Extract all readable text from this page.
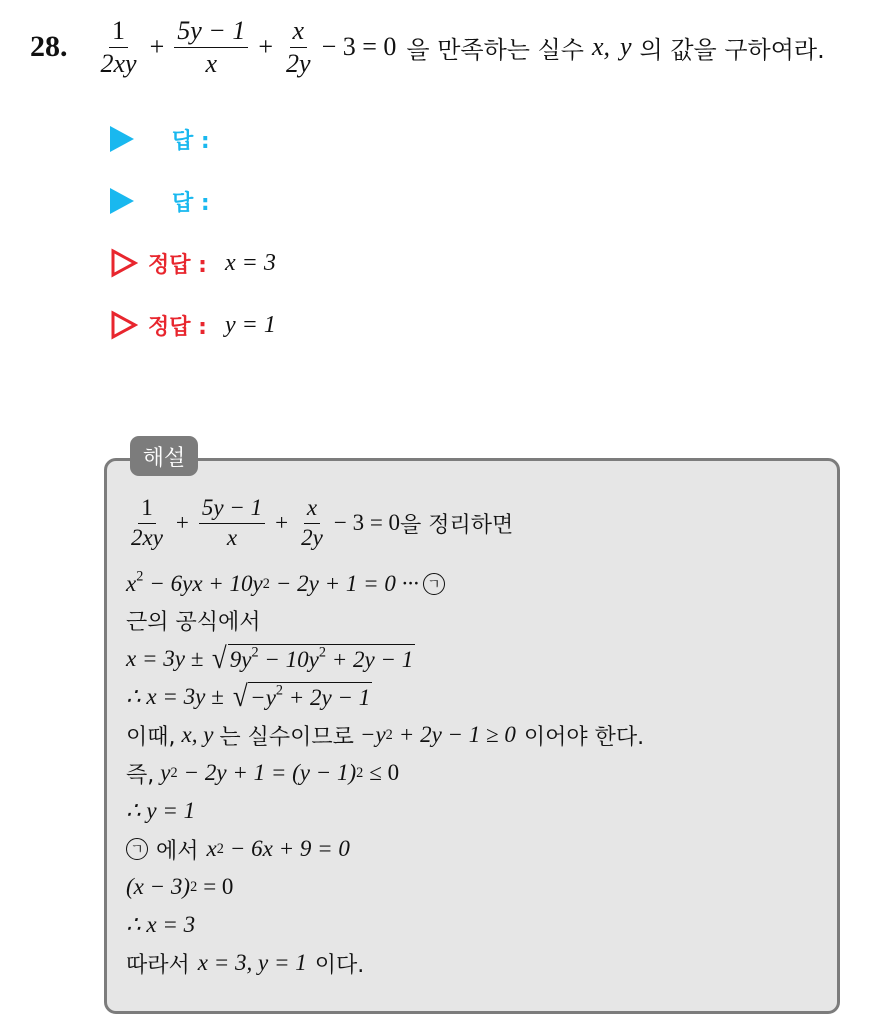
28. $\frac{1}{2xy} + \frac{5y - 1}{x} + \frac{x}{2y} - 3 = 0$ 을 만족하는 실수 x, y 의 값을 구하여라.
답 :
답 :
정답 : x = 3
정답 : y = 1
해설
$\frac{1}{2xy} + \frac{5y - 1}{x} + \frac{x}{2y} - 3 = 0$ 을 정리하면
$x^2 - 6yx + 10y$ 2 − 2y + 1 = 0 ··· ㄱ
근의 공식에서
x = 3y ± √ $9y^2 - 10y^2 + 2y - 1$
∴ x = 3y ± √ $-y^2 + 2y - 1$
이때, x, y 는 실수이므로 −y 2 + 2y − 1 ≥ 0 이어야 한다.
즉, y 2 − 2y + 1 = (y − 1) 2 ≤ 0
∴ y = 1
ㄱ 에서 x 2 − 6x + 9 = 0
(x − 3) 2 = 0
∴ x = 3
따라서 x = 3, y = 1 이다.
